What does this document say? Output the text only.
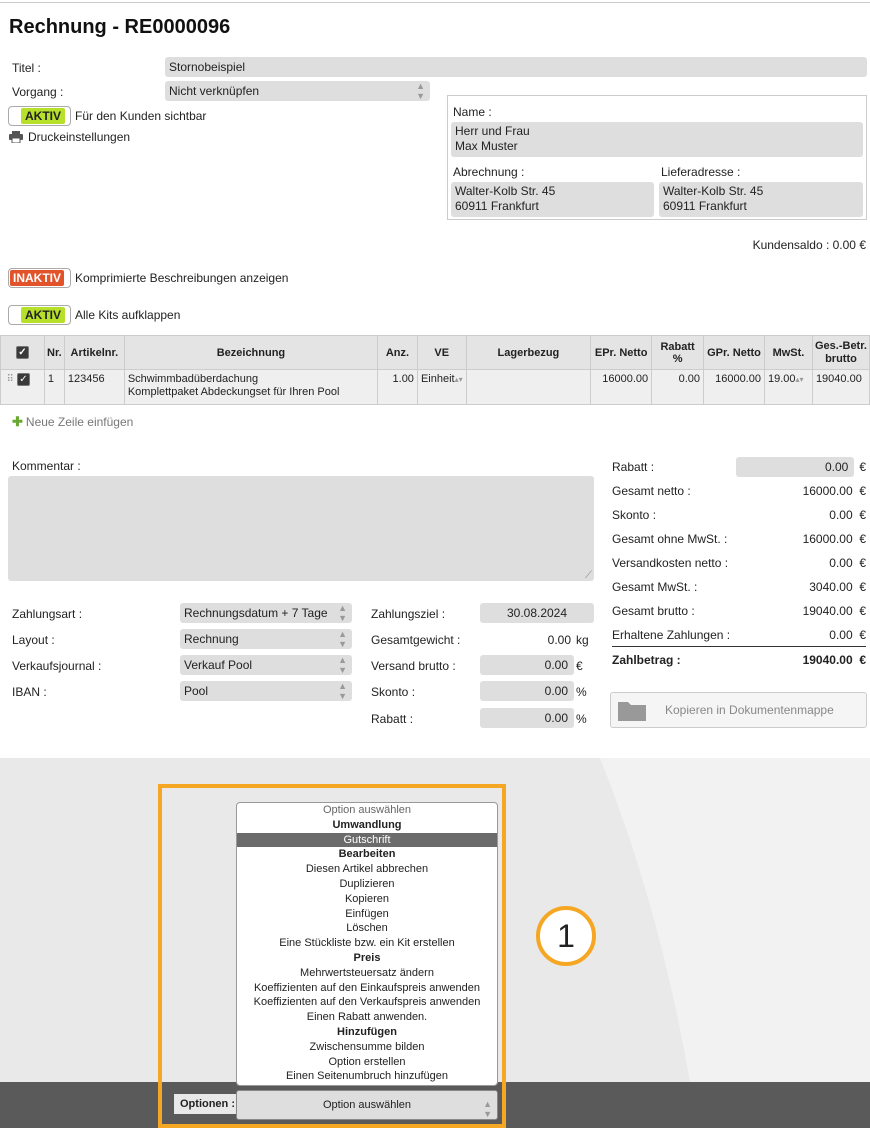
Rechnung - RE0000096
Titel :	Stornobeispiel
Vorgang :	Nicht verknüpfen	▲
▼
AKTIV	Für den Kunden sichtbar
Druckeinstellungen
Name :
Herr und Frau
Max Muster
Abrechnung :	Lieferadresse :
Walter-Kolb Str. 45
60911 Frankfurt
Walter-Kolb Str. 45
60911 Frankfurt
Kundensaldo : 0.00 €
INAKTIV Komprimierte Beschreibungen anzeigen
AKTIV	Alle Kits aufklappen
✓	Nr.	Artikelnr.	Bezeichnung	Anz.	VE	Lagerbezug	EPr. Netto	Rabatt %	GPr. Netto	MwSt.	Ges.-Betr. brutto
⠿ ✓	1	123456	Schwimmbadüberdachung
Komplettpaket Abdeckungset für Ihren Pool	1.00	Einheit▴▾		16000.00	0.00	16000.00	19.00▴▾	19040.00
✚ Neue Zeile einfügen
Kommentar :
⟋
Zahlungsart :	Rechnungsdatum + 7 Tage ▲
▼
Layout :	Rechnung	▲
▼
Verkaufsjournal :	Verkauf Pool	▲
▼
IBAN :	Pool	▲
▼
Zahlungsziel :	30.08.2024
Gesamtgewicht :	0.00 kg
Versand brutto :	0.00 €
Skonto :	0.00 %
Rabatt :	0.00 %
Rabatt :	0.00 €
Gesamt netto :	16000.00 €
Skonto :	0.00 €
Gesamt ohne MwSt. :	16000.00 €
Versandkosten netto :	0.00 €
Gesamt MwSt. :	3040.00 €
Gesamt brutto :	19040.00 €
Erhaltene Zahlungen :	0.00 €
Zahlbetrag :	19040.00 €
Kopieren in Dokumentenmappe
Option auswählen
Umwandlung
Gutschrift
Bearbeiten
Diesen Artikel abbrechen
Duplizieren
Kopieren
Einfügen
Löschen
Eine Stückliste bzw. ein Kit erstellen
Preis
Mehrwertsteuersatz ändern
Koeffizienten auf den Einkaufspreis anwenden
Koeffizienten auf den Verkaufspreis anwenden
Einen Rabatt anwenden.
Hinzufügen
Zwischensumme bilden
Option erstellen
Einen Seitenumbruch hinzufügen
Optionen :	Option auswählen	▲
▼
1
